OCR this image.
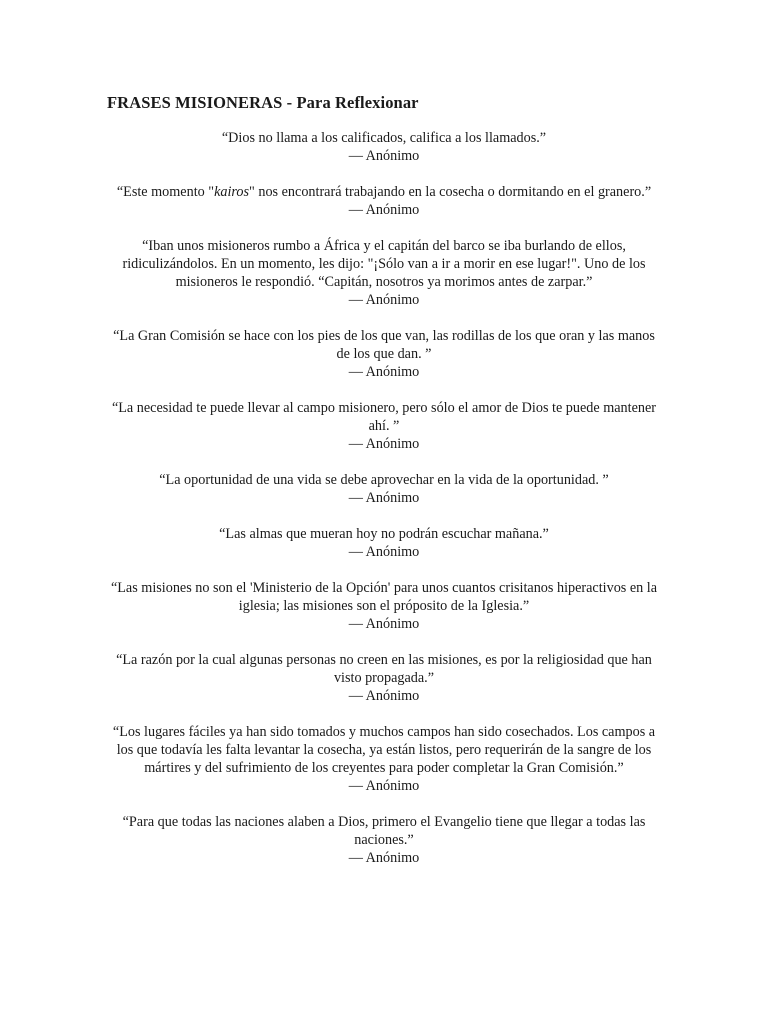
FRASES MISIONERAS - Para Reflexionar

“Dios no llama a los calificados, califica a los llamados.”
— Anónimo

“Este momento "kairos" nos encontrará trabajando en la cosecha o dormitando en el granero.”
— Anónimo

“Iban unos misioneros rumbo a África y el capitán del barco se iba burlando de ellos, ridiculizándolos. En un momento, les dijo: "¡Sólo van a ir a morir en ese lugar!". Uno de los misioneros le respondió. “Capitán, nosotros ya morimos antes de zarpar.”
— Anónimo

“La Gran Comisión se hace con los pies de los que van, las rodillas de los que oran y las manos de los que dan. ”
— Anónimo

“La necesidad te puede llevar al campo misionero, pero sólo el amor de Dios te puede mantener ahí. ”
— Anónimo

“La oportunidad de una vida se debe aprovechar en la vida de la oportunidad. ”
— Anónimo

“Las almas que mueran hoy no podrán escuchar mañana.”
— Anónimo

“Las misiones no son el 'Ministerio de la Opción' para unos cuantos crisitanos hiperactivos en la iglesia; las misiones son el próposito de la Iglesia.”
— Anónimo

“La razón por la cual algunas personas no creen en las misiones, es por la religiosidad que han visto propagada.”
— Anónimo

“Los lugares fáciles ya han sido tomados y muchos campos han sido cosechados. Los campos a los que todavía les falta levantar la cosecha, ya están listos, pero requerirán de la sangre de los mártires y del sufrimiento de los creyentes para poder completar la Gran Comisión.”
— Anónimo

“Para que todas las naciones alaben a Dios, primero el Evangelio tiene que llegar a todas las naciones.”
— Anónimo
